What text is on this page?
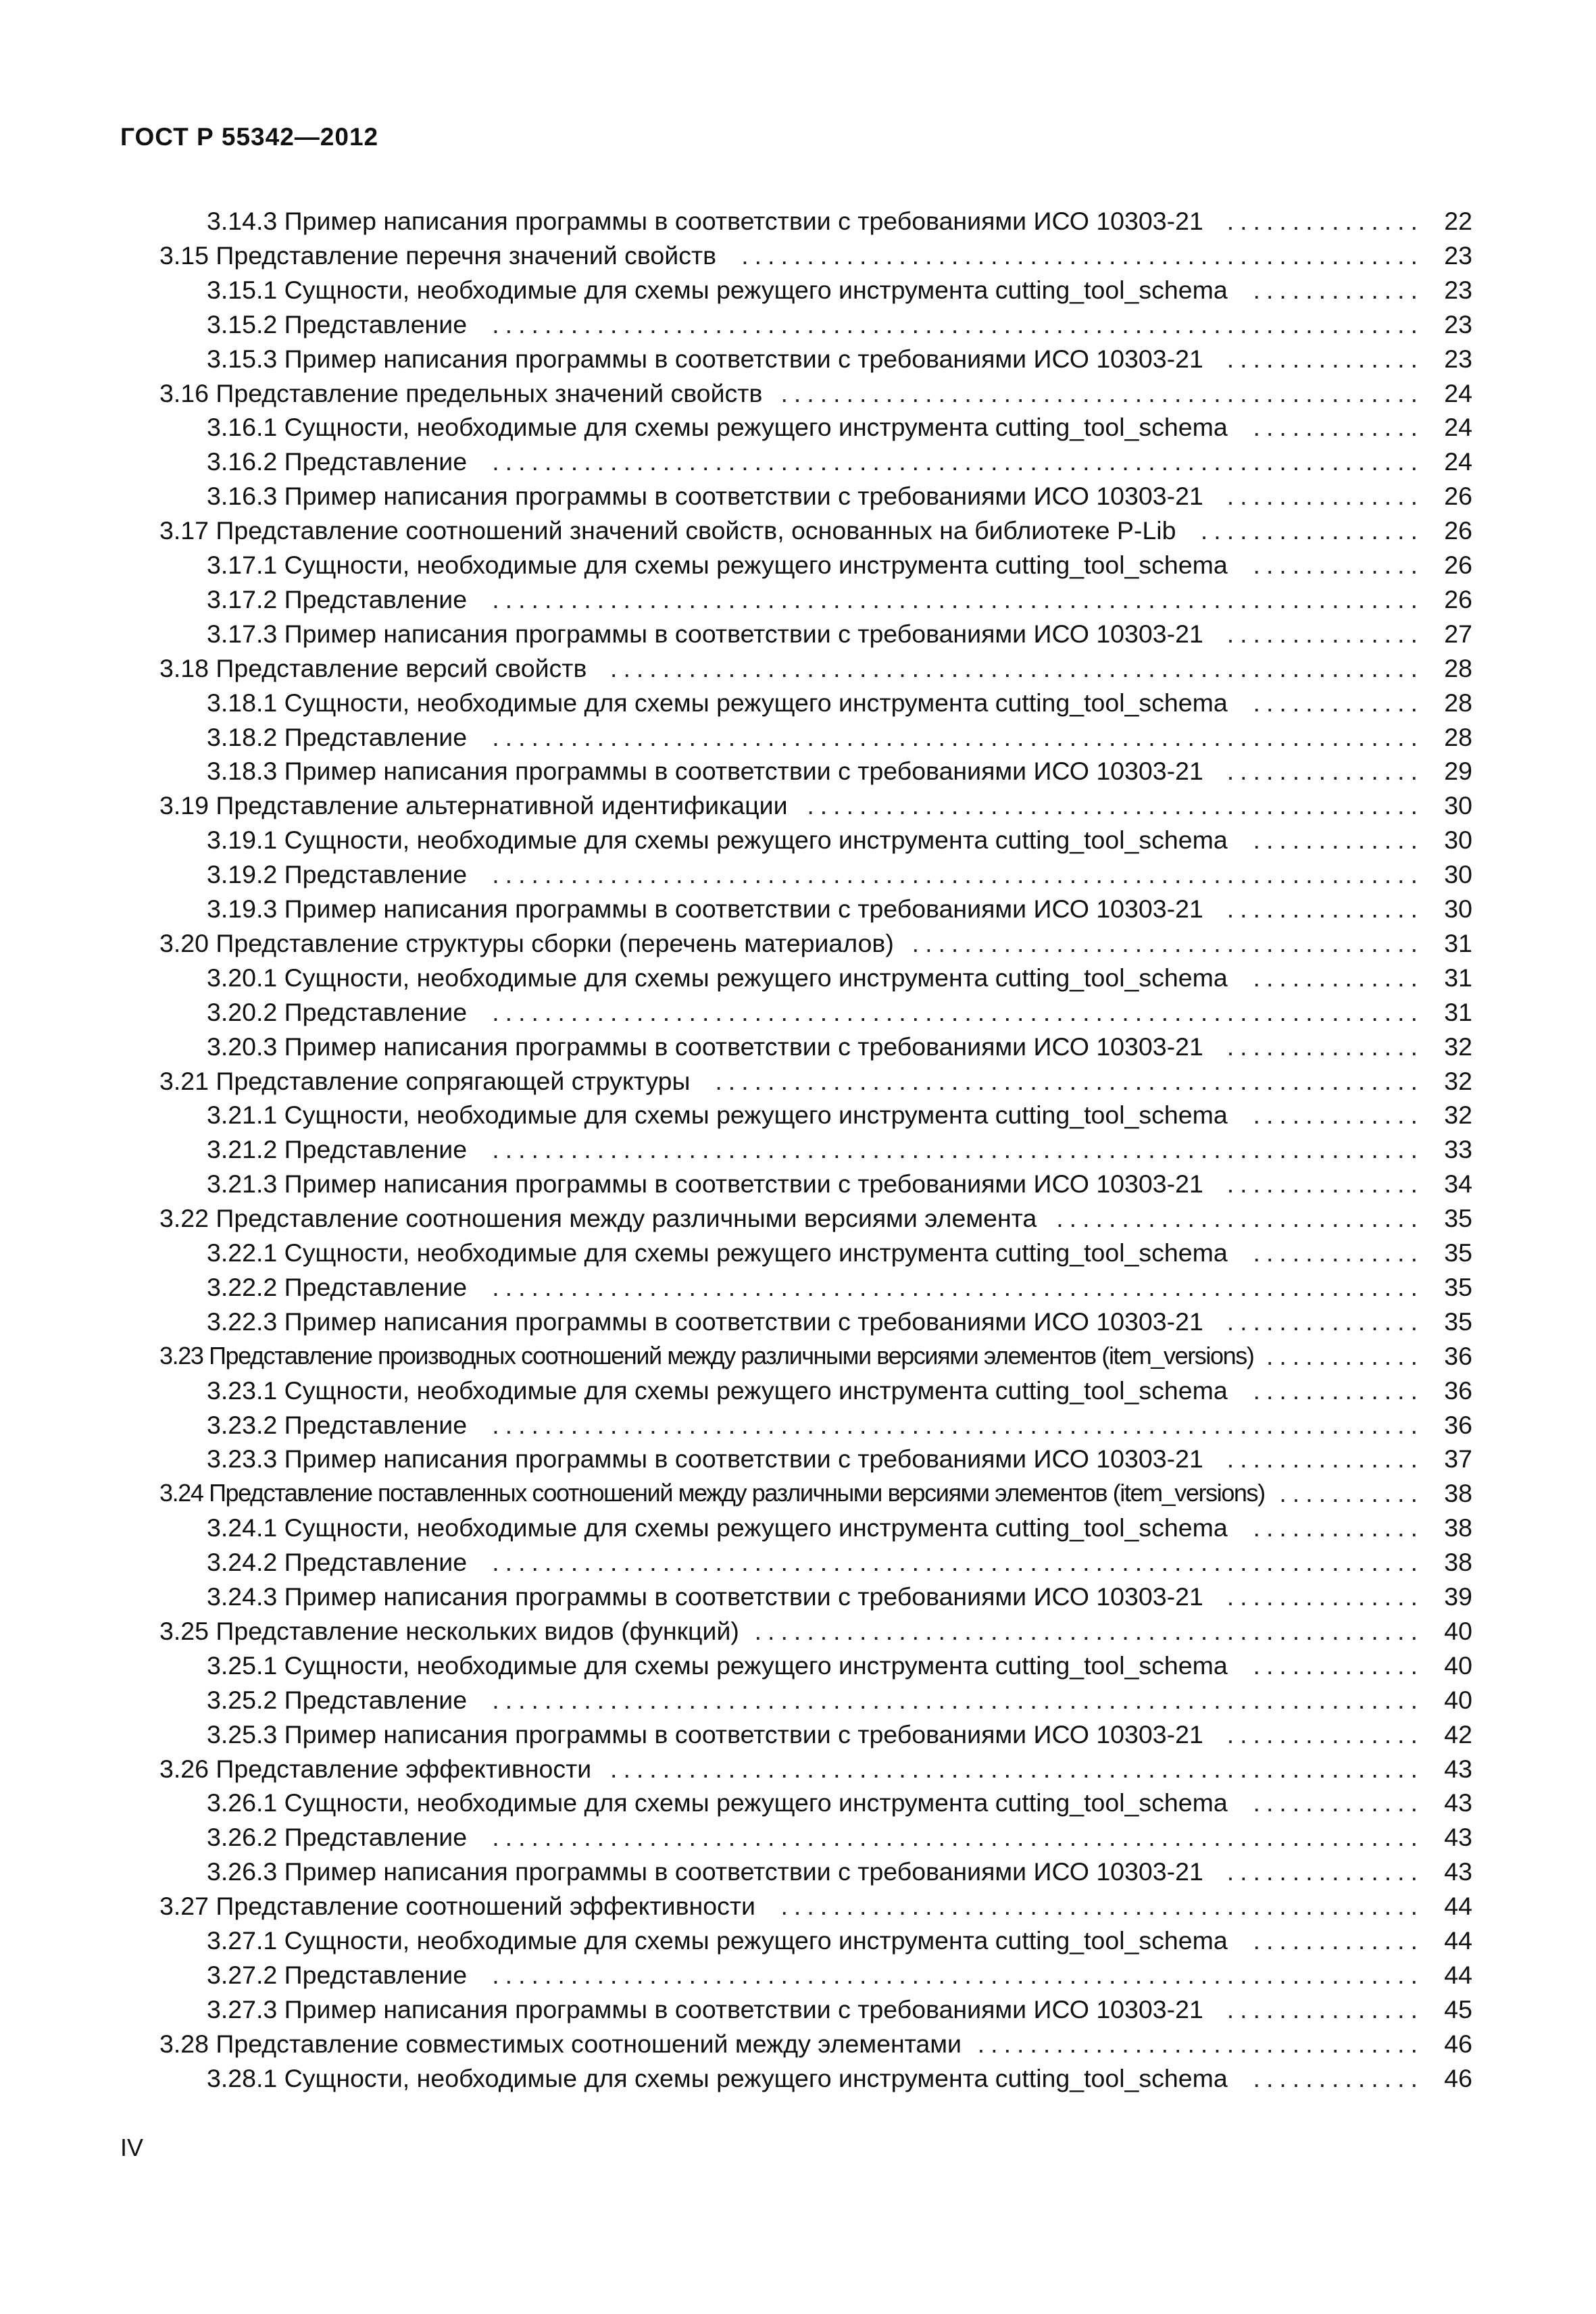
ГОСТ Р 55342—2012
3.14.3 Пример написания программы в соответствии с требованиями ИСО 10303-21 ............... 22
3.15 Представление перечня значений свойств .................................................... 23
3.15.1 Сущности, необходимые для схемы режущего инструмента cutting_tool_schema	............. 23
3.15.2 Представление ....................................................................... 23
3.15.3 Пример написания программы в соответствии с требованиями ИСО 10303-21 ............... 23
3.16 Представление предельных значений свойств ................................................. 24
3.16.1 Сущности, необходимые для схемы режущего инструмента cutting_tool_schema	............. 24
3.16.2 Представление ....................................................................... 24
3.16.3 Пример написания программы в соответствии с требованиями ИСО 10303-21 ............... 26
3.17 Представление соотношений значений свойств, основанных на библиотеке P-Lib ................. 26
3.17.1 Сущности, необходимые для схемы режущего инструмента cutting_tool_schema	............. 26
3.17.2 Представление ....................................................................... 26
3.17.3 Пример написания программы в соответствии с требованиями ИСО 10303-21 ............... 27
3.18 Представление версий свойств .............................................................. 28
3.18.1 Сущности, необходимые для схемы режущего инструмента cutting_tool_schema	............. 28
3.18.2 Представление ....................................................................... 28
3.18.3 Пример написания программы в соответствии с требованиями ИСО 10303-21 ............... 29
3.19 Представление альтернативной идентификации ............................................... 30
3.19.1 Сущности, необходимые для схемы режущего инструмента cutting_tool_schema	............. 30
3.19.2 Представление ....................................................................... 30
3.19.3 Пример написания программы в соответствии с требованиями ИСО 10303-21 ............... 30
3.20 Представление структуры сборки (перечень материалов) ....................................... 31
3.20.1 Сущности, необходимые для схемы режущего инструмента cutting_tool_schema	............. 31
3.20.2 Представление ....................................................................... 31
3.20.3 Пример написания программы в соответствии с требованиями ИСО 10303-21 ............... 32
3.21 Представление сопрягающей структуры ...................................................... 32
3.21.1 Сущности, необходимые для схемы режущего инструмента cutting_tool_schema	............. 32
3.21.2 Представление ....................................................................... 33
3.21.3 Пример написания программы в соответствии с требованиями ИСО 10303-21 ............... 34
3.22 Представление соотношения между различными версиями элемента ............................ 35
3.22.1 Сущности, необходимые для схемы режущего инструмента cutting_tool_schema	............. 35
3.22.2 Представление ....................................................................... 35
3.22.3 Пример написания программы в соответствии с требованиями ИСО 10303-21 ............... 35
3.23 Представление производных соотношений между различными версиями элементов (item_versions) ............ 36
3.23.1 Сущности, необходимые для схемы режущего инструмента cutting_tool_schema	............. 36
3.23.2 Представление ....................................................................... 36
3.23.3 Пример написания программы в соответствии с требованиями ИСО 10303-21 ............... 37
3.24 Представление поставленных соотношений между различными версиями элементов (item_versions) ........... 38
3.24.1 Сущности, необходимые для схемы режущего инструмента cutting_tool_schema	............. 38
3.24.2 Представление ....................................................................... 38
3.24.3 Пример написания программы в соответствии с требованиями ИСО 10303-21 ............... 39
3.25 Представление нескольких видов (функций) ................................................... 40
3.25.1 Сущности, необходимые для схемы режущего инструмента cutting_tool_schema	............. 40
3.25.2 Представление ....................................................................... 40
3.25.3 Пример написания программы в соответствии с требованиями ИСО 10303-21 ............... 42
3.26 Представление эффективности .............................................................. 43
3.26.1 Сущности, необходимые для схемы режущего инструмента cutting_tool_schema	............. 43
3.26.2 Представление ....................................................................... 43
3.26.3 Пример написания программы в соответствии с требованиями ИСО 10303-21 ............... 43
3.27 Представление соотношений эффективности ................................................. 44
3.27.1 Сущности, необходимые для схемы режущего инструмента cutting_tool_schema	............. 44
3.27.2 Представление ....................................................................... 44
3.27.3 Пример написания программы в соответствии с требованиями ИСО 10303-21 ............... 45
3.28 Представление совместимых соотношений между элементами .................................. 46
3.28.1 Сущности, необходимые для схемы режущего инструмента cutting_tool_schema	............. 46
IV
